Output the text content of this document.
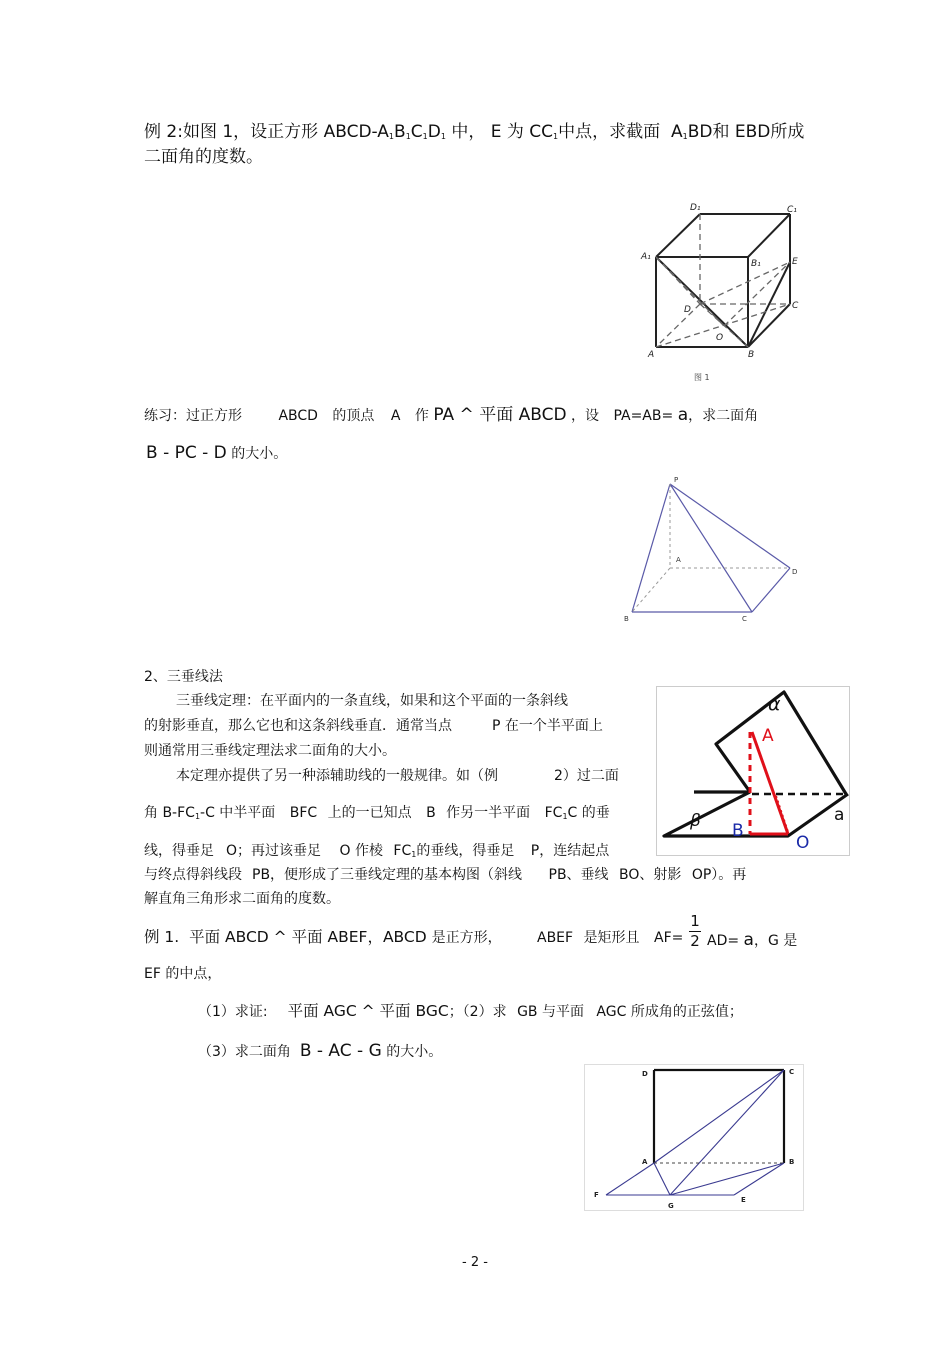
例 2:如图 1，设正方形 ABCD-$A_1B_1C_1D_1$ 中， E 为 $CC_1$中点，求截面 $A_1BD$和 EBD所成
二面角的度数。
D₁	C₁
A₁
B₁	E
D	C
O
A	B
图 1
练习：过正方形	ABCD 的顶点 A 作 PA ^ 平面 ABCD ，设 PA=AB= a，求二面角
B - PC - D 的大小。
P
A
D
B	C
2、三垂线法
三垂线定理：在平面内的一条直线，如果和这个平面的一条斜线
的射影垂直，那么它也和这条斜线垂直．通常当点	P 在一个半平面上
则通常用三垂线定理法求二面角的大小。
本定理亦提供了另一种添辅助线的一般规律。如（例	2）过二面
角 $B-FC_1-C$ 中半平面 BFC 上的一已知点 B 作另一半平面 $FC_1C$ 的垂
线，得垂足 O；再过该垂足 O 作棱 $FC_1$的垂线，得垂足 P，连结起点
与终点得斜线段 PB，便形成了三垂线定理的基本构图（斜线 PB、垂线 BO、射影 OP）。再
解直角三角形求二面角的度数。
α
A
B
O
β	a
例 1. 平面 ABCD ^ 平面 ABEF，ABCD 是正方形，	ABEF 是矩形且 AF=
1
2 AD= a，G 是
EF 的中点，
（1）求证: 平面 AGC ^ 平面 BGC；（2）求 GB 与平面 AGC 所成角的正弦值；
（3）求二面角 B - AC - G 的大小。
D	C
A	B
F
G
E
- 2 -
